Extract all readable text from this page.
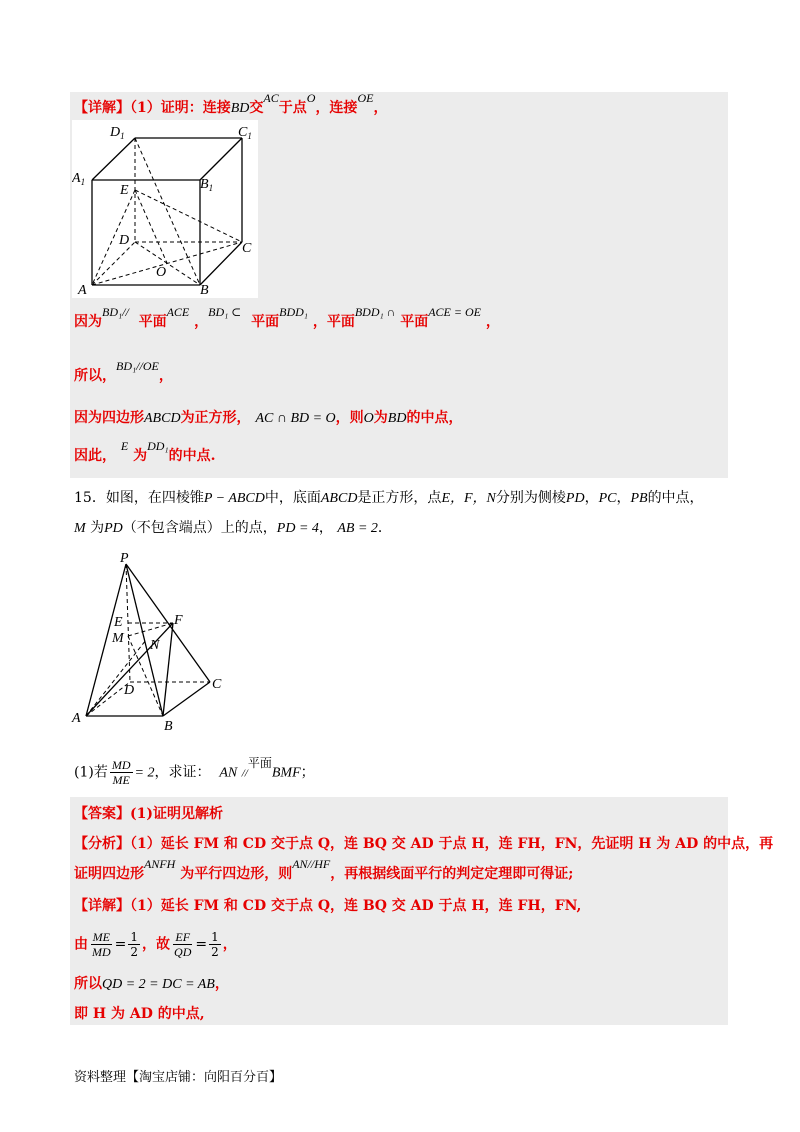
【详解】（1）证明：连接BD交AC于点O，连接OE，
$D_1$	$C_1$
$A_1$	$B_1$
E
D
C
O
A	B
因为BD₁//  平面ACE ，BD₁ ⊂  平面BDD₁ ，平面BDD₁ ∩ 平面ACE = OE ，
所以，BD₁//OE，
因为四边形ABCD为正方形， AC ∩ BD = O，则O为BD的中点，
因此， E 为DD₁的中点.
15．如图，在四棱锥P − ABCD中，底面ABCD是正方形，点E，F，N分别为侧棱PD，PC，PB的中点，
M 为PD（不包含端点）上的点，PD = 4， AB = 2．
P
E	F
M N
D	C
A
B
(1)若 $\frac{MD}{ME} = 2$，求证： AN //平面BMF；
【答案】(1)证明见解析
【分析】（1）延长 FM 和 CD 交于点 Q，连 BQ 交 AD 于点 H，连 FH，FN，先证明 H 为 AD 的中点，再
证明四边形ANFH 为平行四边形，则AN//HF，再根据线面平行的判定定理即可得证;
【详解】（1）延长 FM 和 CD 交于点 Q，连 BQ 交 AD 于点 H，连 FH，FN,
由 $\frac{ME}{MD} = \frac{1}{2}$ ，故 $\frac{EF}{QD} = \frac{1}{2}$ ，
所以QD = 2 = DC = AB，
即 H 为 AD 的中点,
资料整理【淘宝店铺：向阳百分百】
